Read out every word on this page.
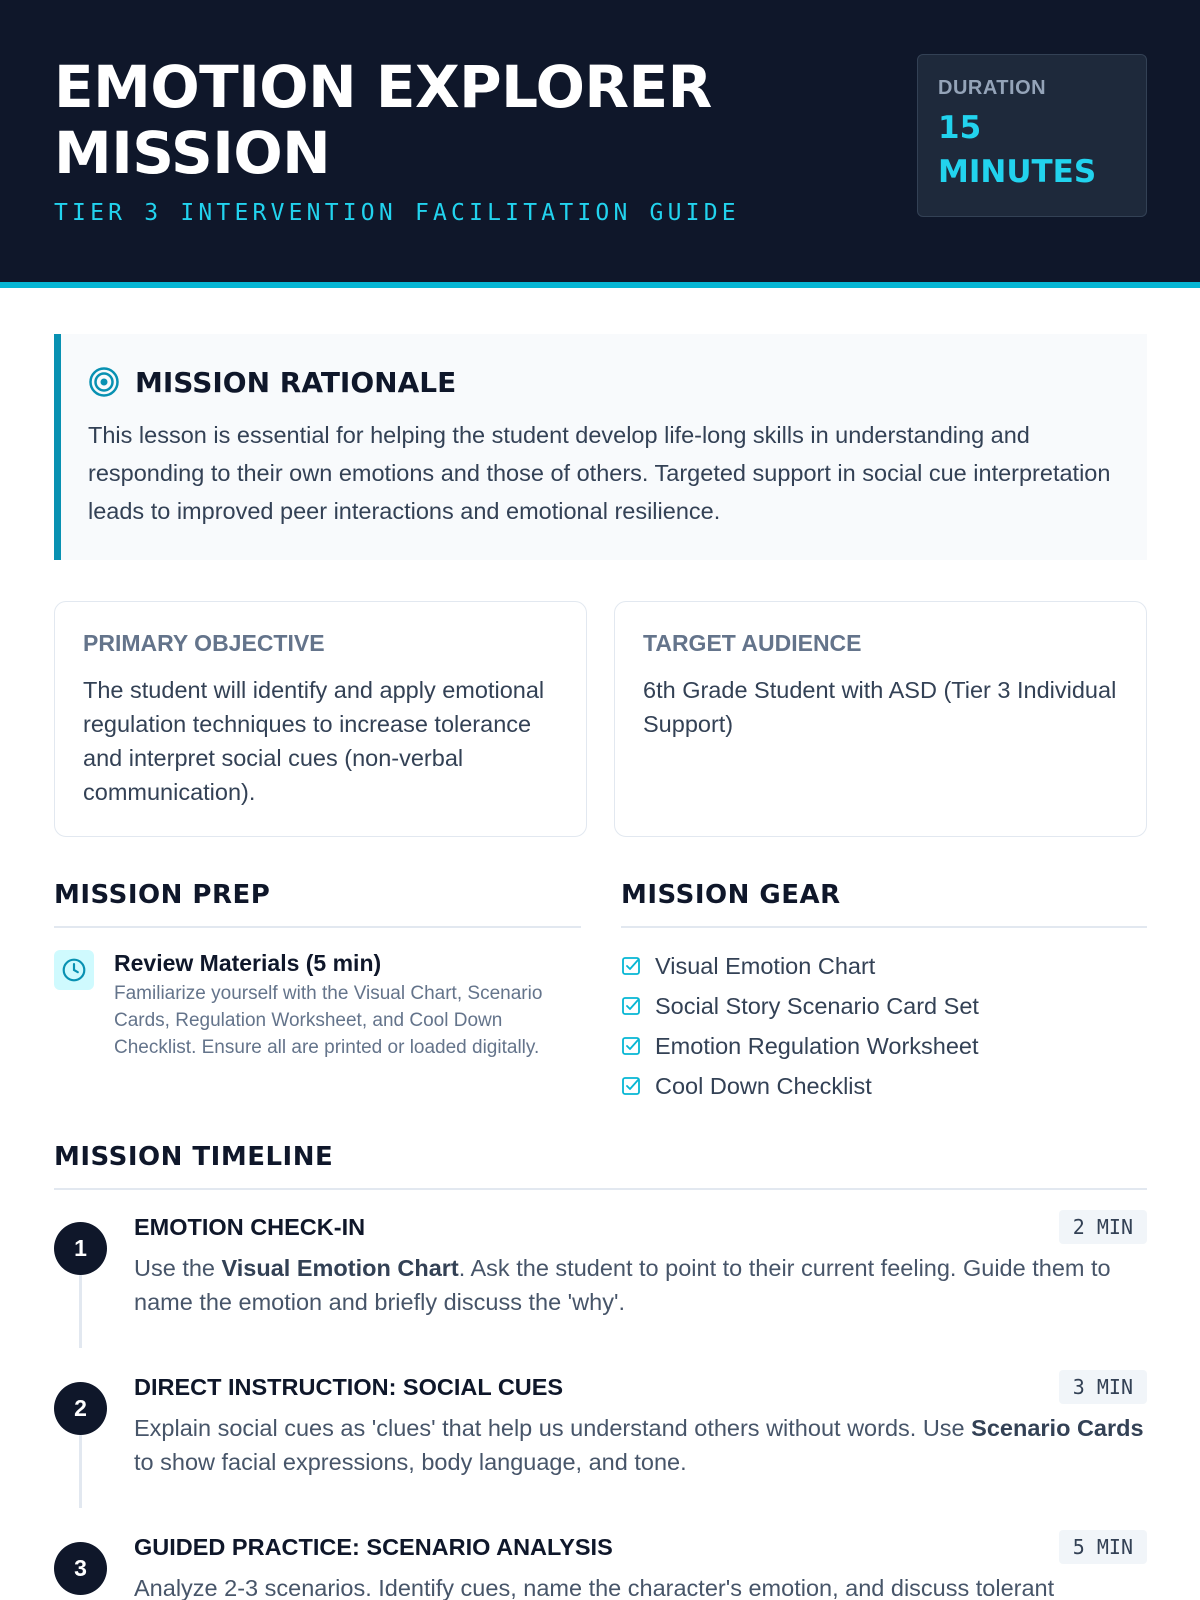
EMOTION EXPLORER MISSION
TIER 3 INTERVENTION FACILITATION GUIDE
DURATION
15 MINUTES
MISSION RATIONALE

This lesson is essential for helping the student develop life-long skills in understanding and responding to their own emotions and those of others. Targeted support in social cue interpretation leads to improved peer interactions and emotional resilience.

PRIMARY OBJECTIVE

The student will identify and apply emotional regulation techniques to increase tolerance and interpret social cues (non-verbal communication).

TARGET AUDIENCE

6th Grade Student with ASD (Tier 3 Individual Support)

MISSION PREP
Review Materials (5 min)

Familiarize yourself with the Visual Chart, Scenario Cards, Regulation Worksheet, and Cool Down Checklist. Ensure all are printed or loaded digitally.

MISSION GEAR
Visual Emotion Chart
Social Story Scenario Card Set
Emotion Regulation Worksheet
Cool Down Checklist
MISSION TIMELINE
1
EMOTION CHECK-IN	2 MIN

Use the Visual Emotion Chart. Ask the student to point to their current feeling. Guide them to name the emotion and briefly discuss the 'why'.

2
DIRECT INSTRUCTION: SOCIAL CUES	3 MIN

Explain social cues as 'clues' that help us understand others without words. Use Scenario Cards to show facial expressions, body language, and tone.

3
GUIDED PRACTICE: SCENARIO ANALYSIS	5 MIN

Analyze 2-3 scenarios. Identify cues, name the character's emotion, and discuss tolerant
